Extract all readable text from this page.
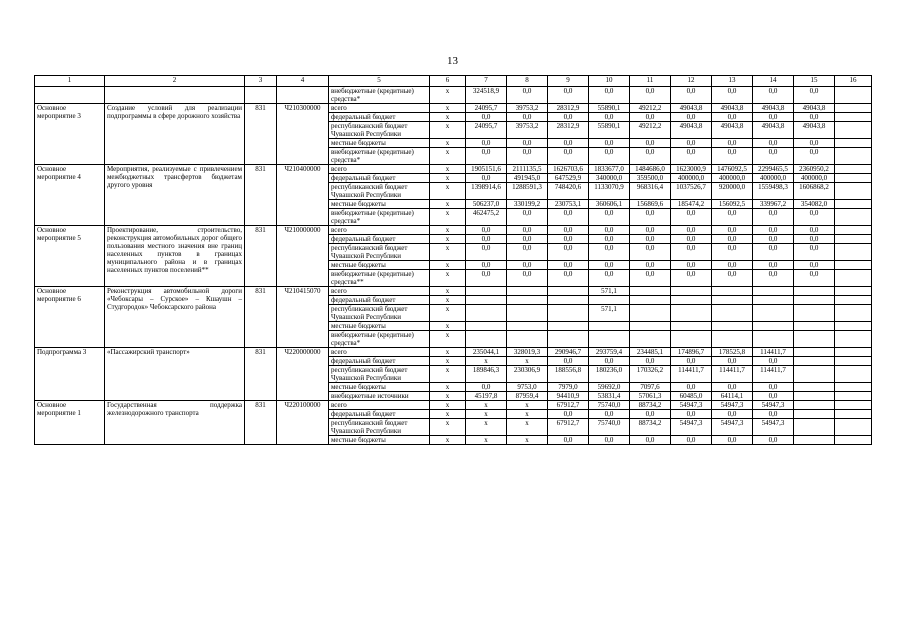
13
1	2	3	4	5	6	7	8	9	10	11	12	13	14	15	16
				внебюджетные (кредитные) средства*	х	324518,9	0,0	0,0	0,0	0,0	0,0	0,0	0,0	0,0	
Основное мероприятие 3	Создание условий для реализации подпрограммы в сфере дорожного хозяйства	831	Ч210300000	всего	х	24095,7	39753,2	28312,9	55890,1	49212,2	49043,8	49043,8	49043,8	49043,8	
				федеральный бюджет	х	0,0	0,0	0,0	0,0	0,0	0,0	0,0	0,0	0,0	
				республиканский бюджет Чувашской Республики	х	24095,7	39753,2	28312,9	55890,1	49212,2	49043,8	49043,8	49043,8	49043,8	
				местные бюджеты	х	0,0	0,0	0,0	0,0	0,0	0,0	0,0	0,0	0,0	
				внебюджетные (кредитные) средства*	х	0,0	0,0	0,0	0,0	0,0	0,0	0,0	0,0	0,0	
Основное мероприятие 4	Мероприятия, реализуемые с привлечением межбюджетных трансфертов бюджетам другого уровня	831	Ч210400000	всего	х	1905151,6	2111135,5	1626703,6	1833677,0	1484686,0	1623000,9	1476092,5	2299465,5	2360950,2	
				федеральный бюджет	х	0,0	491945,0	647529,9	340000,0	359500,0	400000,0	400000,0	400000,0	400000,0	
				республиканский бюджет Чувашской Республики	х	1398914,6	1288591,3	748420,6	1133070,9	968316,4	1037526,7	920000,0	1559498,3	1606868,2	
				местные бюджеты	х	506237,0	330199,2	230753,1	360606,1	156869,6	185474,2	156092,5	339967,2	354082,0	
				внебюджетные (кредитные) средства*	х	462475,2	0,0	0,0	0,0	0,0	0,0	0,0	0,0	0,0	
Основное мероприятие 5	Проектирование, строительство, реконструкция автомобильных дорог общего пользования местного значения вне границ населенных пунктов в границах муниципального района и в границах населенных пунктов поселений**	831	Ч210000000	всего	х	0,0	0,0	0,0	0,0	0,0	0,0	0,0	0,0	0,0	
				федеральный бюджет	х	0,0	0,0	0,0	0,0	0,0	0,0	0,0	0,0	0,0	
				республиканский бюджет Чувашской Республики	х	0,0	0,0	0,0	0,0	0,0	0,0	0,0	0,0	0,0	
				местные бюджеты	х	0,0	0,0	0,0	0,0	0,0	0,0	0,0	0,0	0,0	
				внебюджетные (кредитные) средства**	х	0,0	0,0	0,0	0,0	0,0	0,0	0,0	0,0	0,0	
Основное мероприятие 6	Реконструкция автомобильной дороги «Чебоксары – Сурское» – Кшаушн – Студгородок» Чебоксарского района	831	Ч210415070	всего	х				571,1						
				федеральный бюджет	х										
				республиканский бюджет Чувашской Республики	х				571,1						
				местные бюджеты	х										
				внебюджетные (кредитные) средства*	х										
Подпрограмма 3	«Пассажирский транспорт»	831	Ч220000000	всего	х	235044,1	328019,3	290946,7	293759,4	234485,1	174896,7	178525,8	114411,7		
				федеральный бюджет	х	х	х	0,0	0,0	0,0	0,0	0,0	0,0		
				республиканский бюджет Чувашской Республики	х	189846,3	230306,9	188556,8	180236,0	170326,2	114411,7	114411,7	114411,7		
				местные бюджеты	х	0,0	9753,0	7979,0	59692,0	7097,6	0,0	0,0	0,0		
				внебюджетные источники	х	45197,8	87959,4	94410,9	53831,4	57061,3	60485,0	64114,1	0,0		
Основное мероприятие 1	Государственная поддержка железнодорожного транспорта	831	Ч220100000	всего	х	х	х	67912,7	75740,0	88734,2	54947,3	54947,3	54947,3		
				федеральный бюджет	х	х	х	0,0	0,0	0,0	0,0	0,0	0,0		
				республиканский бюджет Чувашской Республики	х	х	х	67912,7	75740,0	88734,2	54947,3	54947,3	54947,3		
				местные бюджеты	х	х	х	0,0	0,0	0,0	0,0	0,0	0,0		
